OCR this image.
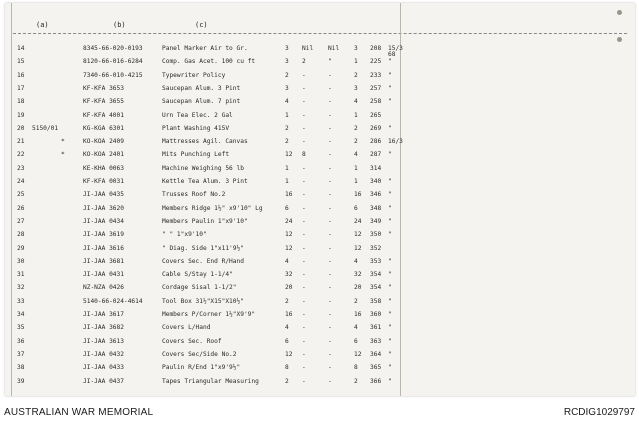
(a)	(b)	(c)
14	8345-66-020-0193	Panel Marker Air to Gr.	3 Nil Nil 3 208 15/3
68
15	8120-66-016-6284	Comp. Gas Acet. 100 cu ft	3 2	"	1 225 "
16	7340-66-010-4215	Typewriter Policy	2 -	-	2 233 "
17	KF-KFA 3653	Saucepan Alum. 3 Pint	3 -	-	3 257 "
18	KF-KFA 3655	Saucepan Alum. 7 pint	4 -	-	4 258 "
19	KF-KFA 4001	Urn Tea Elec. 2 Gal	1 -	-	1 265
20 5150/01	KG-KGA 6301	Plant Washing 415V	2 -	-	2 269 "
21	*	KO-KOA 2409	Mattresses Agil. Canvas	2 -	-	2 286 16/3
22	*	KO-KOA 2401	Mits Punching Left	12 8	-	4 287 "
23	KE-KHA 0063	Machine Weighing 56 lb	1 -	-	1 314
24	KF-KFA 0031	Kettle Tea Alum. 3 Pint	1 -	-	1 340 "
25	JI-JAA 0435	Trusses Roof No.2	16 -	-	16 346 "
26	JI-JAA 3620	Members Ridge 1½" x9'10" Lg	6 -	-	6 348 "
27	JI-JAA 0434	Members Paulin 1"x9'10"	24 -	-	24 349 "
28	JI-JAA 3619	" " 1"x9'10"	12 -	-	12 350 "
29	JI-JAA 3616	" Diag. Side 1"x11'9½"	12 -	-	12 352
30	JI-JAA 3681	Covers Sec. End R/Hand	4 -	-	4 353 "
31	JI-JAA 0431	Cable S/Stay 1-1/4"	32 -	-	32 354 "
32	NZ-NZA 0426	Cordage Sisal 1-1/2"	20 -	-	20 354 "
33	5140-66-024-4614	Tool Box 31½"X15"X10½"	2 -	-	2 358 "
34	JI-JAA 3617	Members P/Corner 1½"X9'9"	16 -	-	16 360 "
35	JI-JAA 3682	Covers L/Hand	4 -	-	4 361 "
36	JI-JAA 3613	Covers Sec. Roof	6 -	-	6 363 "
37	JI-JAA 0432	Covers Sec/Side No.2	12 -	-	12 364 "
38	JI-JAA 0433	Paulin R/End 1"x9'9½"	8 -	-	8 365 "
39	JI-JAA 0437	Tapes Triangular Measuring	2 -	-	2 366 "
AUSTRALIAN WAR MEMORIAL	RCDIG1029797
